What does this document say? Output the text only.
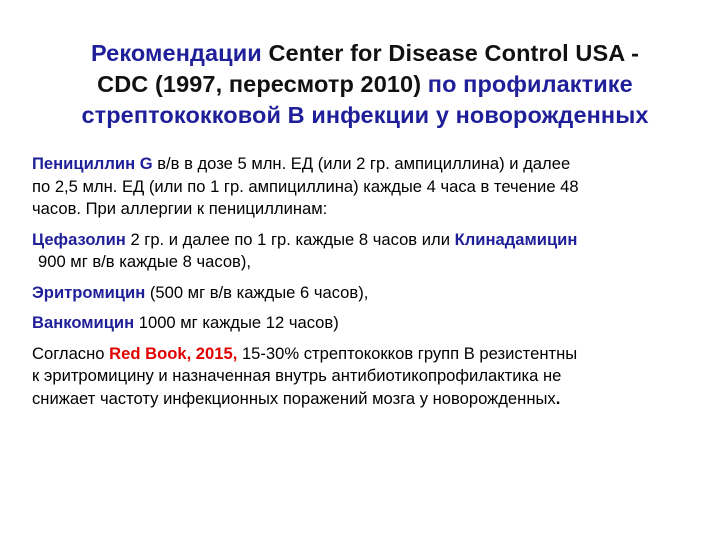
Рекомендации Center for Disease Control USA -
CDC (1997, пересмотр 2010) по профилактике
стрептококковой В инфекции у новорожденных

Пенициллин G в/в в дозе 5 млн. ЕД (или 2 гр. ампициллина) и далее
по 2,5 млн. ЕД (или по 1 гр. ампициллина) каждые 4 часа в течение 48
часов. При аллергии к пенициллинам:

Цефазолин 2 гр. и далее по 1 гр. каждые 8 часов или Клинадамицин
900 мг в/в каждые 8 часов),

Эритромицин (500 мг в/в каждые 6 часов),

Ванкомицин 1000 мг каждые 12 часов)

Согласно Red Book, 2015, 15-30% стрептококков групп В резистентны
к эритромицину и назначенная внутрь антибиотикопрофилактика не
снижает частоту инфекционных поражений мозга у новорожденных.
